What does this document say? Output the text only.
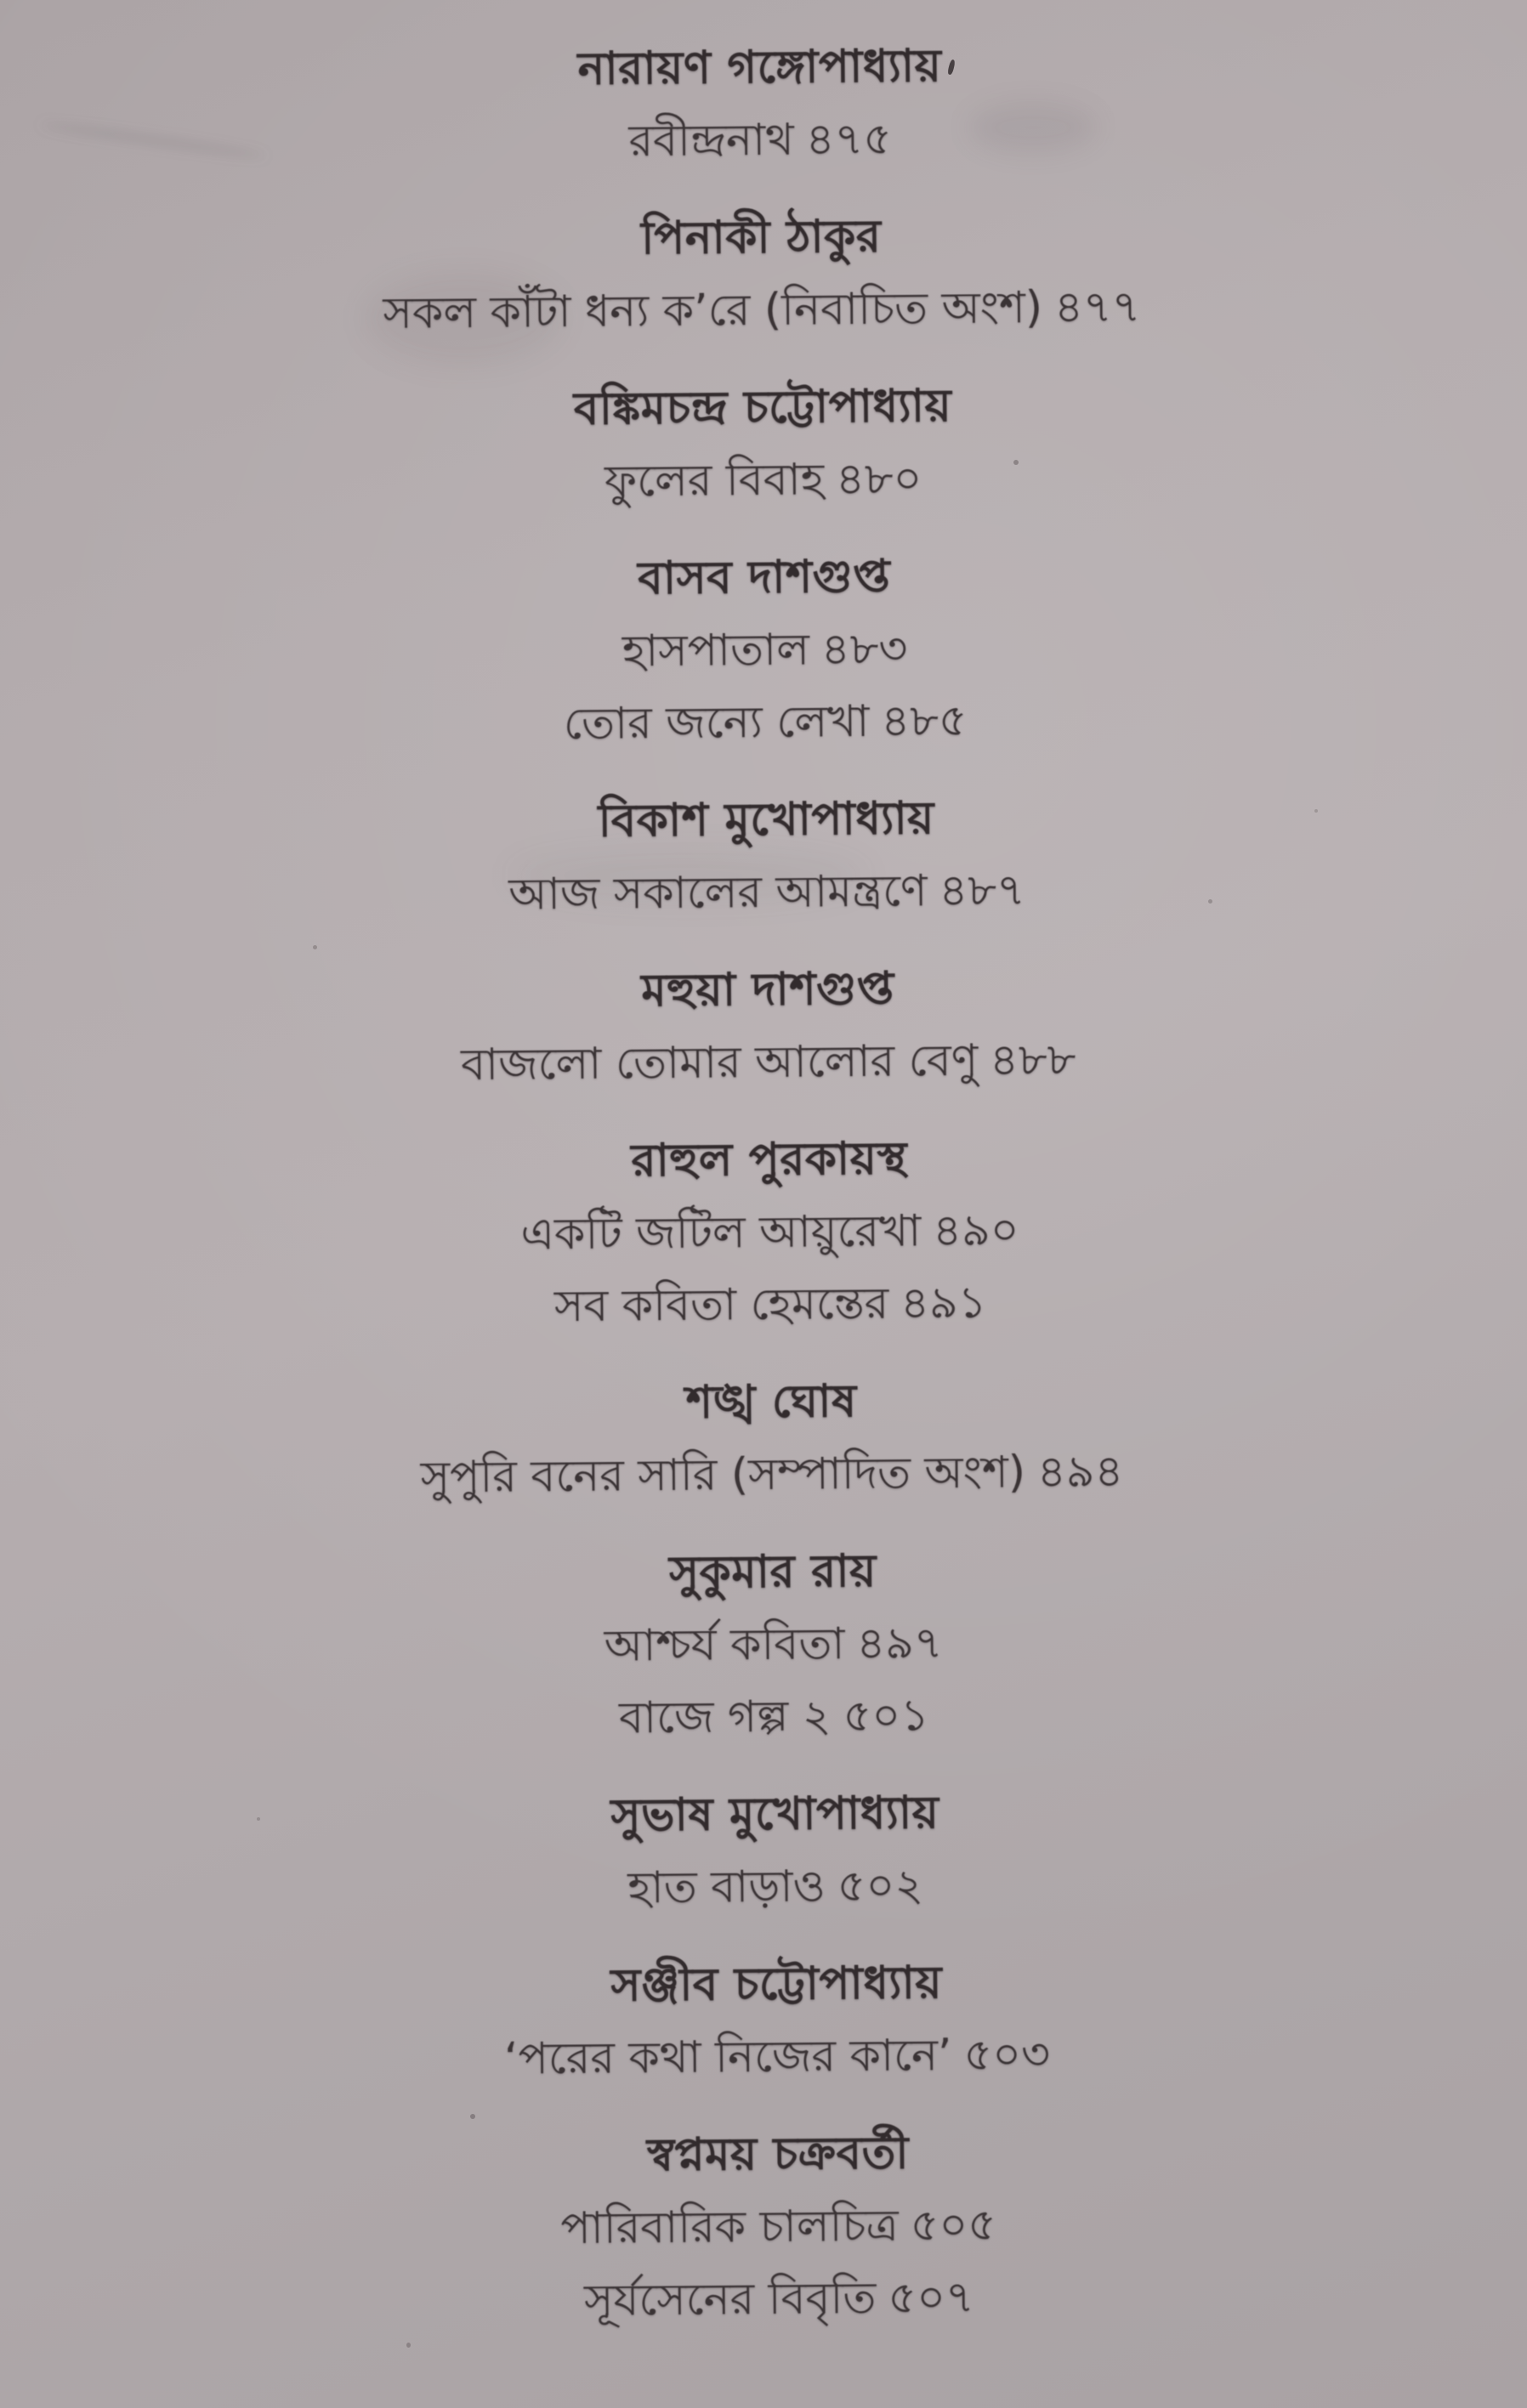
নারায়ণ গঙ্গোপাধ্যায়
রবীন্দ্রনাথ ৪৭৫
পিনাকী ঠাকুর
সকল কাঁটা ধন্য ক’রে (নিবাচিত অংশ) ৪৭৭
বঙ্কিমচন্দ্র চট্টোপাধ্যায়
ফুলের বিবাহ ৪৮০
বাসব দাশগুপ্ত
হাসপাতাল ৪৮৩
তোর জন্যে লেখা ৪৮৫
বিকাশ মুখোপাধ্যায়
আজ সকালের আমন্ত্রণে ৪৮৭
মহুয়া দাশগুপ্ত
বাজলো তোমার আলোর বেণু ৪৮৮
রাহুল পুরকায়স্থ
একটি জটিল আয়ুরেখা ৪৯০
সব কবিতা হেমন্তের ৪৯১
শঙ্খ ঘোষ
সুপুরি বনের সারি (সম্পাদিত অংশ) ৪৯৪
সুকুমার রায়
আশ্চর্য কবিতা ৪৯৭
বাজে গল্প ২ ৫০১
সুভাষ মুখোপাধ্যায়
হাত বাড়াও ৫০২
সঞ্জীব চট্টোপাধ্যায়
‘পরের কথা নিজের কানে’ ৫০৩
স্বপ্নময় চক্রবর্তী
পারিবারিক চালচিত্র ৫০৫
সূর্যসেনের বিবৃতি ৫০৭
